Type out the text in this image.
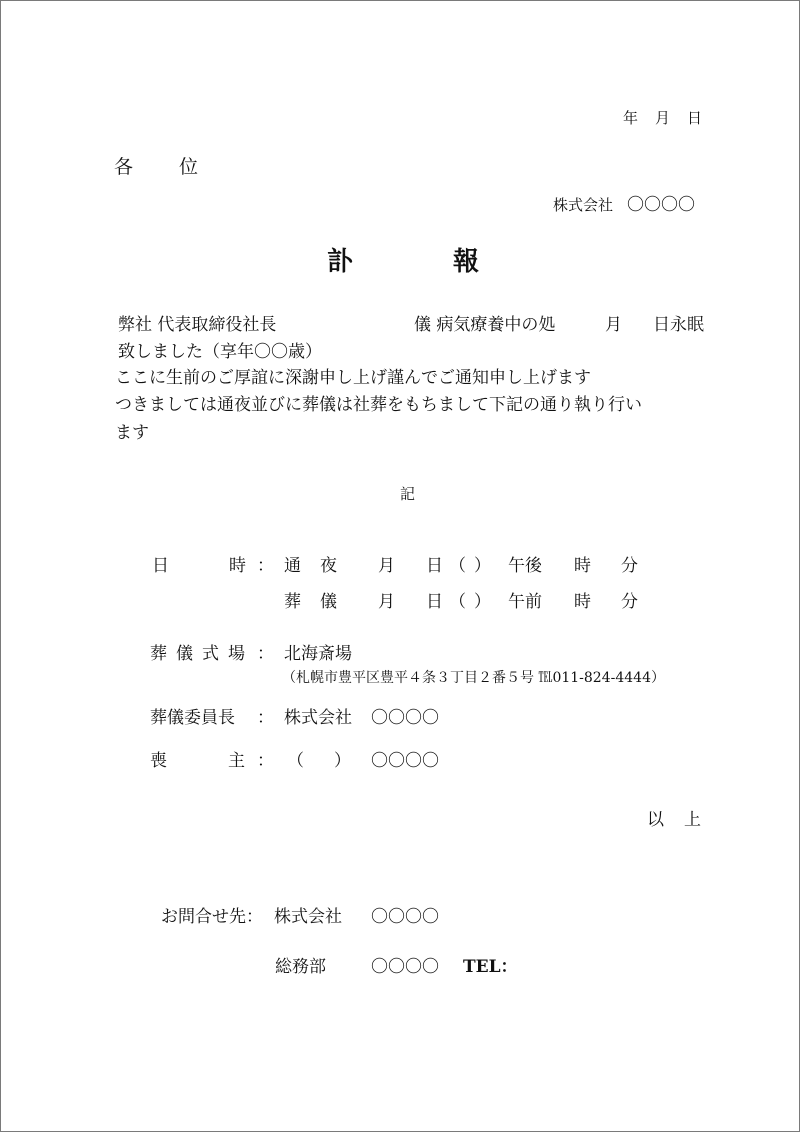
年 月 日
各 位
株式会社 〇〇〇〇
訃	報
弊社 代表取締役社長	儀 病気療養中の処	月 日永眠
致しました（享年〇〇歳）
ここに生前のご厚誼に深謝申し上げ謹んでご通知申し上げます
つきましては通夜並びに葬儀は社葬をもちまして下記の通り執り行い
ます
記
日	時 ： 通 夜 月 日 （ ） 午後 時 分
葬 儀 月 日 （ ） 午前 時 分
葬 儀 式 場 ： 北海斎場
（札幌市豊平区豊平４条３丁目２番５号 ℡011-824-4444）
葬儀委員長 ： 株式会社 〇〇〇〇
喪	主 ： （ ） 〇〇〇〇
以 上
お問合せ先： 株式会社 〇〇〇〇
総務部	〇〇〇〇 TEL：
